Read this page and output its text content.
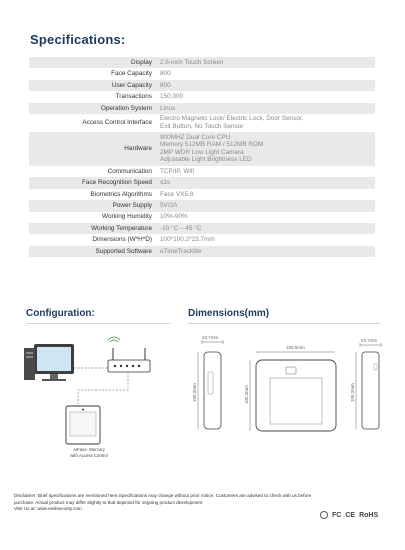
Specifications:
Display	2.8-inch Touch Screen

Face Capacity	800

User Capacity	800

Transactions	150,000

Operation System	Linux

Access Control Interface	Electro Magnetic Lock/ Electric Lock, Door Sensor,
Exit Button, No Touch Sensor

Hardware	900MHZ Dual Core CPU
Memory 512MB RAM / 512MB ROM
2MP WDR Low Light Camera
Adjustable Light Brightness LED

Communication	TCP/IP, Wifi

Face Recognition Speed	≤1s

Biometrics Algorithms	Face VX5.8

Power Supply	5V/2A

Working Humidity	10%-90%

Working Temperature	-10 °C – 45 °C

Dimensions (W*H*D)	100*100.2*23.7mm

Supported Software	eTimeTracklite
Configuration:
AiFace- Mercury
with Access Control
Dimensions(mm)
23.7mm
100.2mm
100.0mm
100.2mm
23.7mm
100.2mm
Disclaimer: Brief specifications are mentioned here.Specifications may change without prior notice. Customers are advised to check with us before purchase. Actual product may differ slightly to that depicted for ongoing product development
Visit Us at: www.esslsecurity.com
FC CE RoHS
